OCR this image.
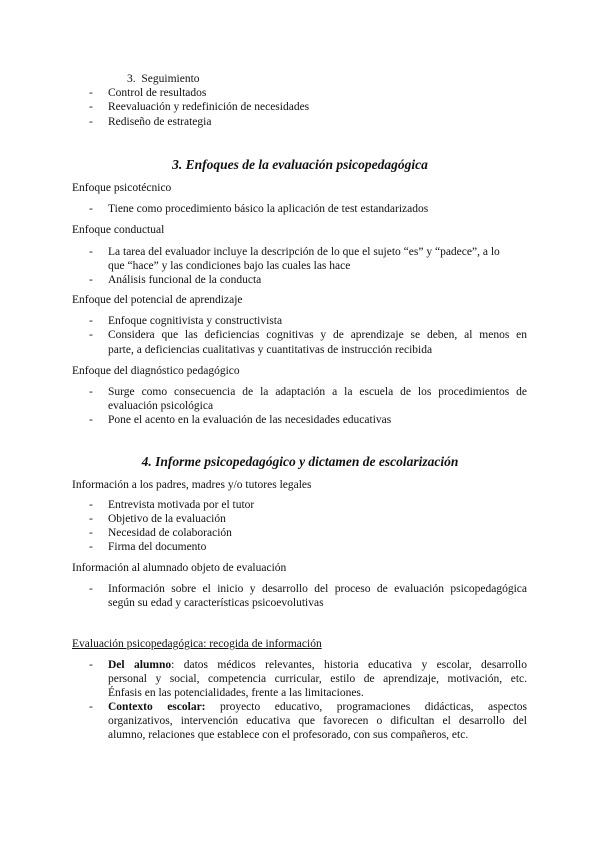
3. Seguimiento
-	Control de resultados
-	Reevaluación y redefinición de necesidades
-	Rediseño de estrategia
3. Enfoques de la evaluación psicopedagógica
Enfoque psicotécnico
-	Tiene como procedimiento básico la aplicación de test estandarizados
Enfoque conductual
-	La tarea del evaluador incluye la descripción de lo que el sujeto “es” y “padece”, a lo
que “hace” y las condiciones bajo las cuales las hace
-	Análisis funcional de la conducta
Enfoque del potencial de aprendizaje
-	Enfoque cognitivista y constructivista
-	Considera que las deficiencias cognitivas y de aprendizaje se deben, al menos en
parte, a deficiencias cualitativas y cuantitativas de instrucción recibida
Enfoque del diagnóstico pedagógico
-	Surge como consecuencia de la adaptación a la escuela de los procedimientos de
evaluación psicológica
-	Pone el acento en la evaluación de las necesidades educativas
4. Informe psicopedagógico y dictamen de escolarización
Información a los padres, madres y/o tutores legales
-	Entrevista motivada por el tutor
-	Objetivo de la evaluación
-	Necesidad de colaboración
-	Firma del documento
Información al alumnado objeto de evaluación
-	Información sobre el inicio y desarrollo del proceso de evaluación psicopedagógica
según su edad y características psicoevolutivas
Evaluación psicopedagógica: recogida de información
-	Del alumno: datos médicos relevantes, historia educativa y escolar, desarrollo
personal y social, competencia curricular, estilo de aprendizaje, motivación, etc.
Énfasis en las potencialidades, frente a las limitaciones.
-	Contexto escolar: proyecto educativo, programaciones didácticas, aspectos
organizativos, intervención educativa que favorecen o dificultan el desarrollo del
alumno, relaciones que establece con el profesorado, con sus compañeros, etc.
